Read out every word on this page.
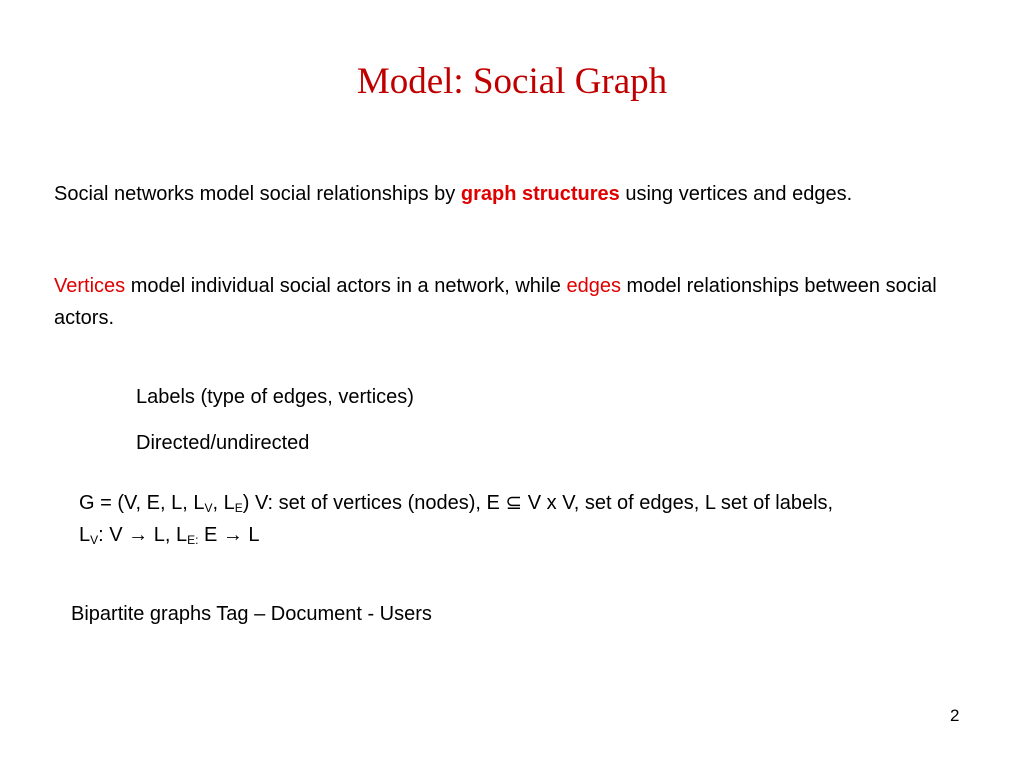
Model: Social Graph

Social networks model social relationships by graph structures using vertices and edges.

Vertices model individual social actors in a network, while edges model relationships between social actors.

Labels (type of edges, vertices)

Directed/undirected

G = (V, E, L, $L_V$, $L_E$) V: set of vertices (nodes), E ⊆ V x V, set of edges, L set of labels,
$L_V$: V → L, $L_{E:}$ E → L

Bipartite graphs Tag – Document - Users

2
